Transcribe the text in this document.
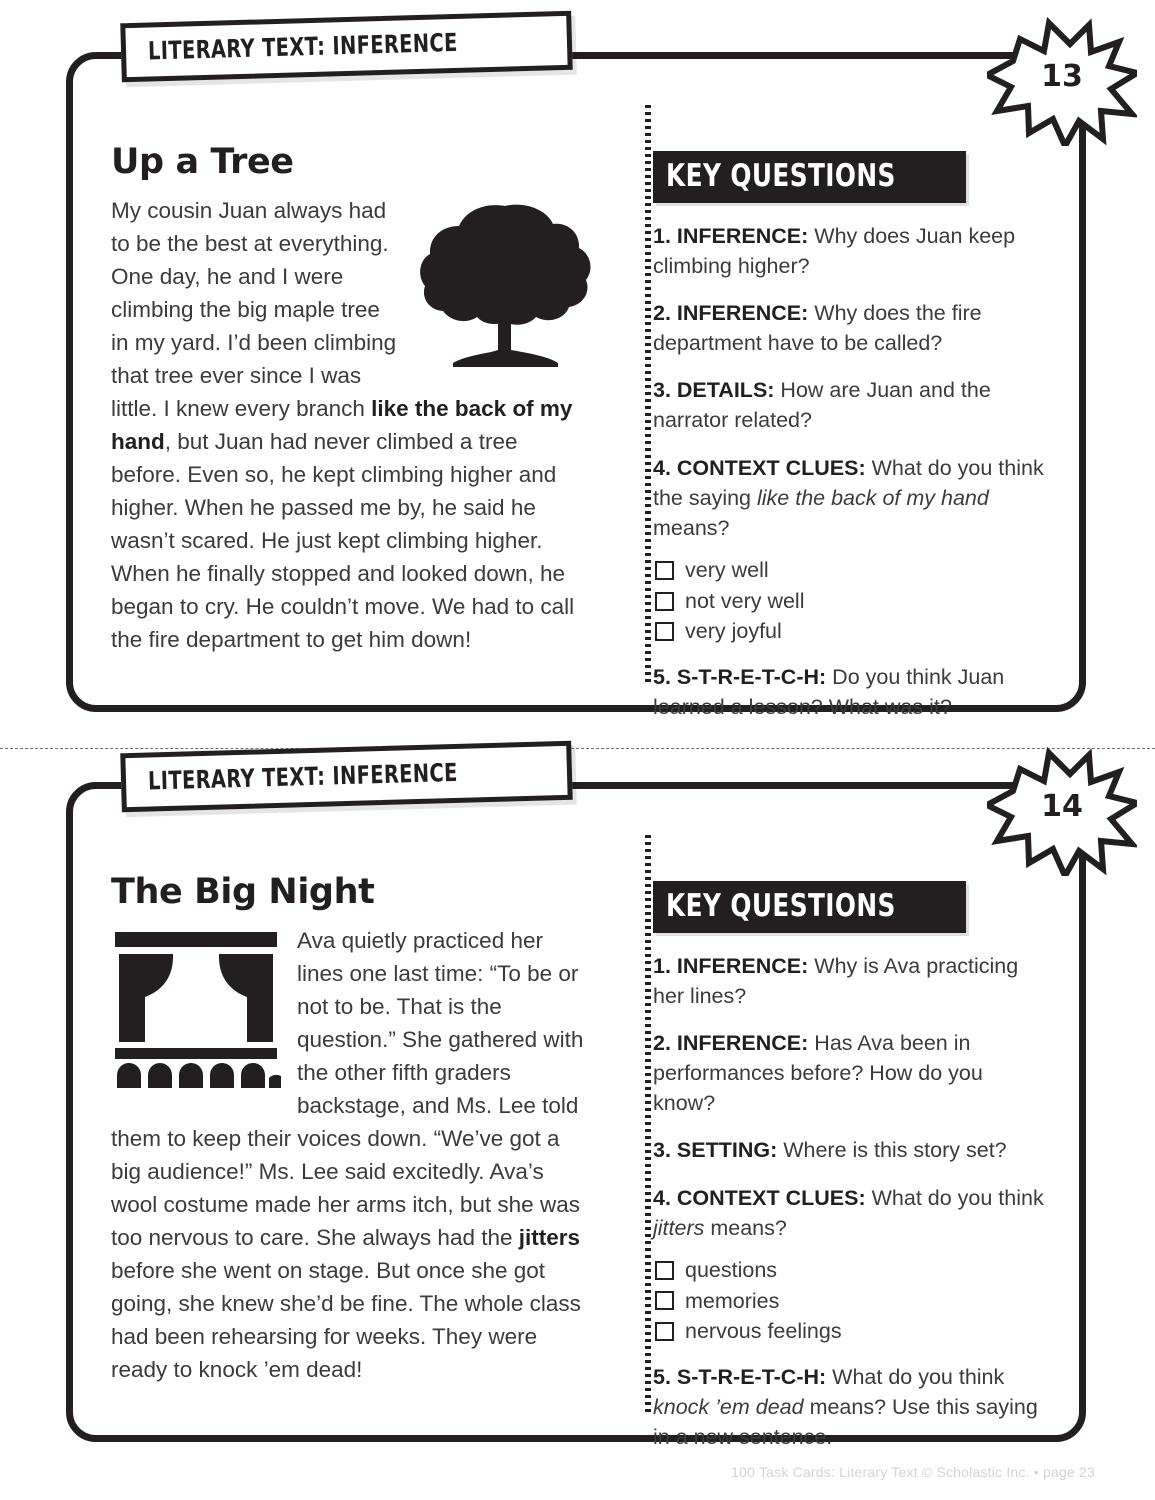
LITERARY TEXT: INFERENCE
13
Up a Tree
My cousin Juan always had to be the best at everything. One day, he and I were climbing the big maple tree in my yard. I’d been climbing that tree ever since I was little. I knew every branch like the back of my hand, but Juan had never climbed a tree before. Even so, he kept climbing higher and higher. When he passed me by, he said he wasn’t scared. He just kept climbing higher. When he finally stopped and looked down, he began to cry. He couldn’t move. We had to call the fire department to get him down!
KEY QUESTIONS
1. INFERENCE: Why does Juan keep climbing higher?
2. INFERENCE: Why does the fire department have to be called?
3. DETAILS: How are Juan and the narrator related?
4. CONTEXT CLUES: What do you think the saying like the back of my hand means?
very well
not very well
very joyful
5. S-T-R-E-T-C-H: Do you think Juan learned a lesson? What was it?
LITERARY TEXT: INFERENCE
14
The Big Night
Ava quietly practiced her lines one last time: “To be or not to be. That is the question.” She gathered with the other fifth graders backstage, and Ms. Lee told them to keep their voices down. “We’ve got a big audience!” Ms. Lee said excitedly. Ava’s wool costume made her arms itch, but she was too nervous to care. She always had the jitters before she went on stage. But once she got going, she knew she’d be fine. The whole class had been rehearsing for weeks. They were ready to knock ’em dead!
KEY QUESTIONS
1. INFERENCE: Why is Ava practicing her lines?
2. INFERENCE: Has Ava been in performances before? How do you know?
3. SETTING: Where is this story set?
4. CONTEXT CLUES: What do you think jitters means?
questions
memories
nervous feelings
5. S-T-R-E-T-C-H: What do you think knock ’em dead means? Use this saying in a new sentence.
100 Task Cards: Literary Text © Scholastic Inc. • page 23
